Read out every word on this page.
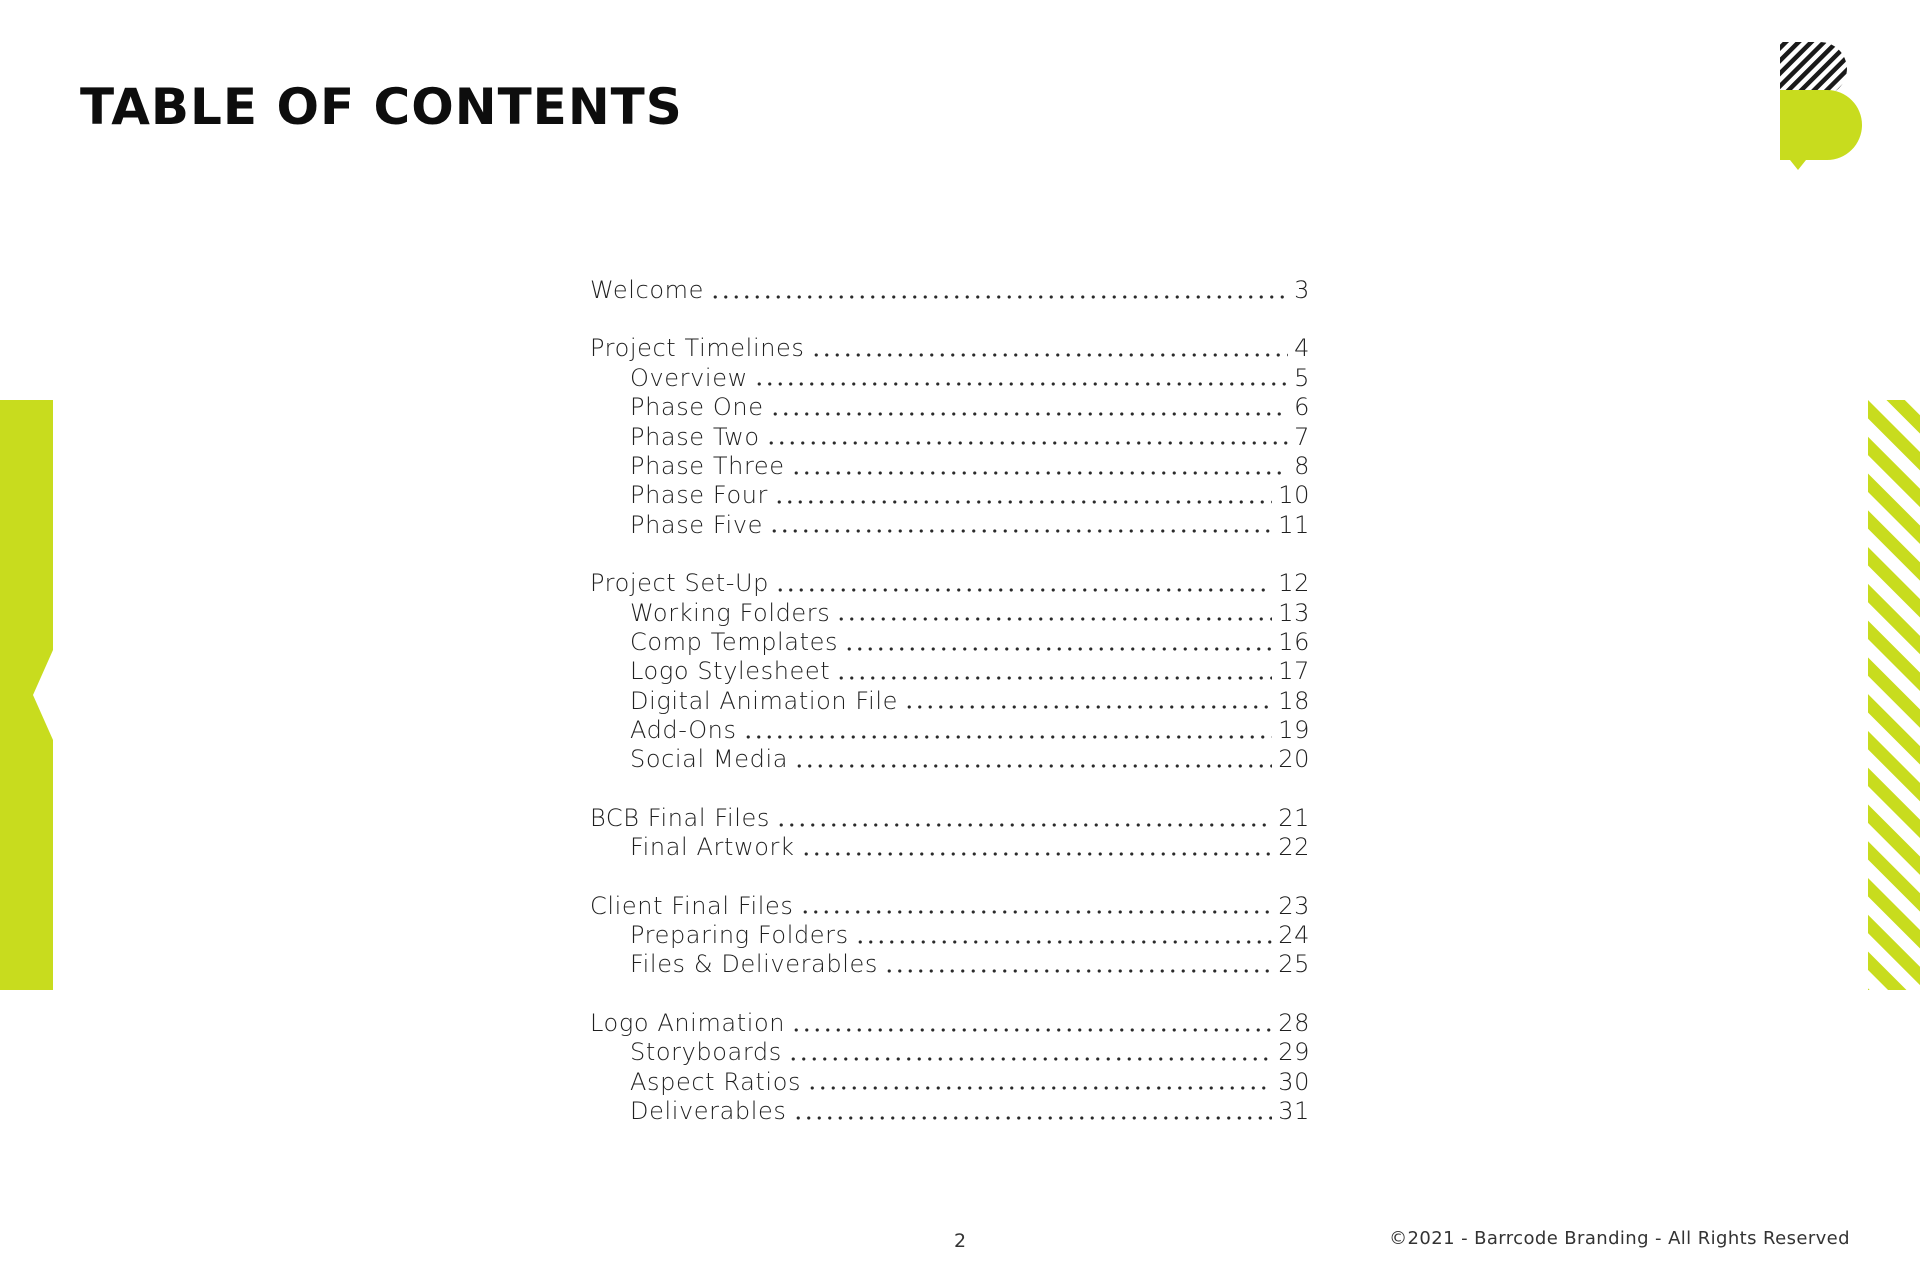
TABLE OF CONTENTS
Welcome	3
Project Timelines	4
Overview	5
Phase One	6
Phase Two	7
Phase Three	8
Phase Four	10
Phase Five	11
Project Set-Up	12
Working Folders	13
Comp Templates	16
Logo Stylesheet	17
Digital Animation File	18
Add-Ons	19
Social Media	20
BCB Final Files	21
Final Artwork	22
Client Final Files	23
Preparing Folders	24
Files & Deliverables	25
Logo Animation	28
Storyboards	29
Aspect Ratios	30
Deliverables	31
2	©2021 - Barrcode Branding - All Rights Reserved
